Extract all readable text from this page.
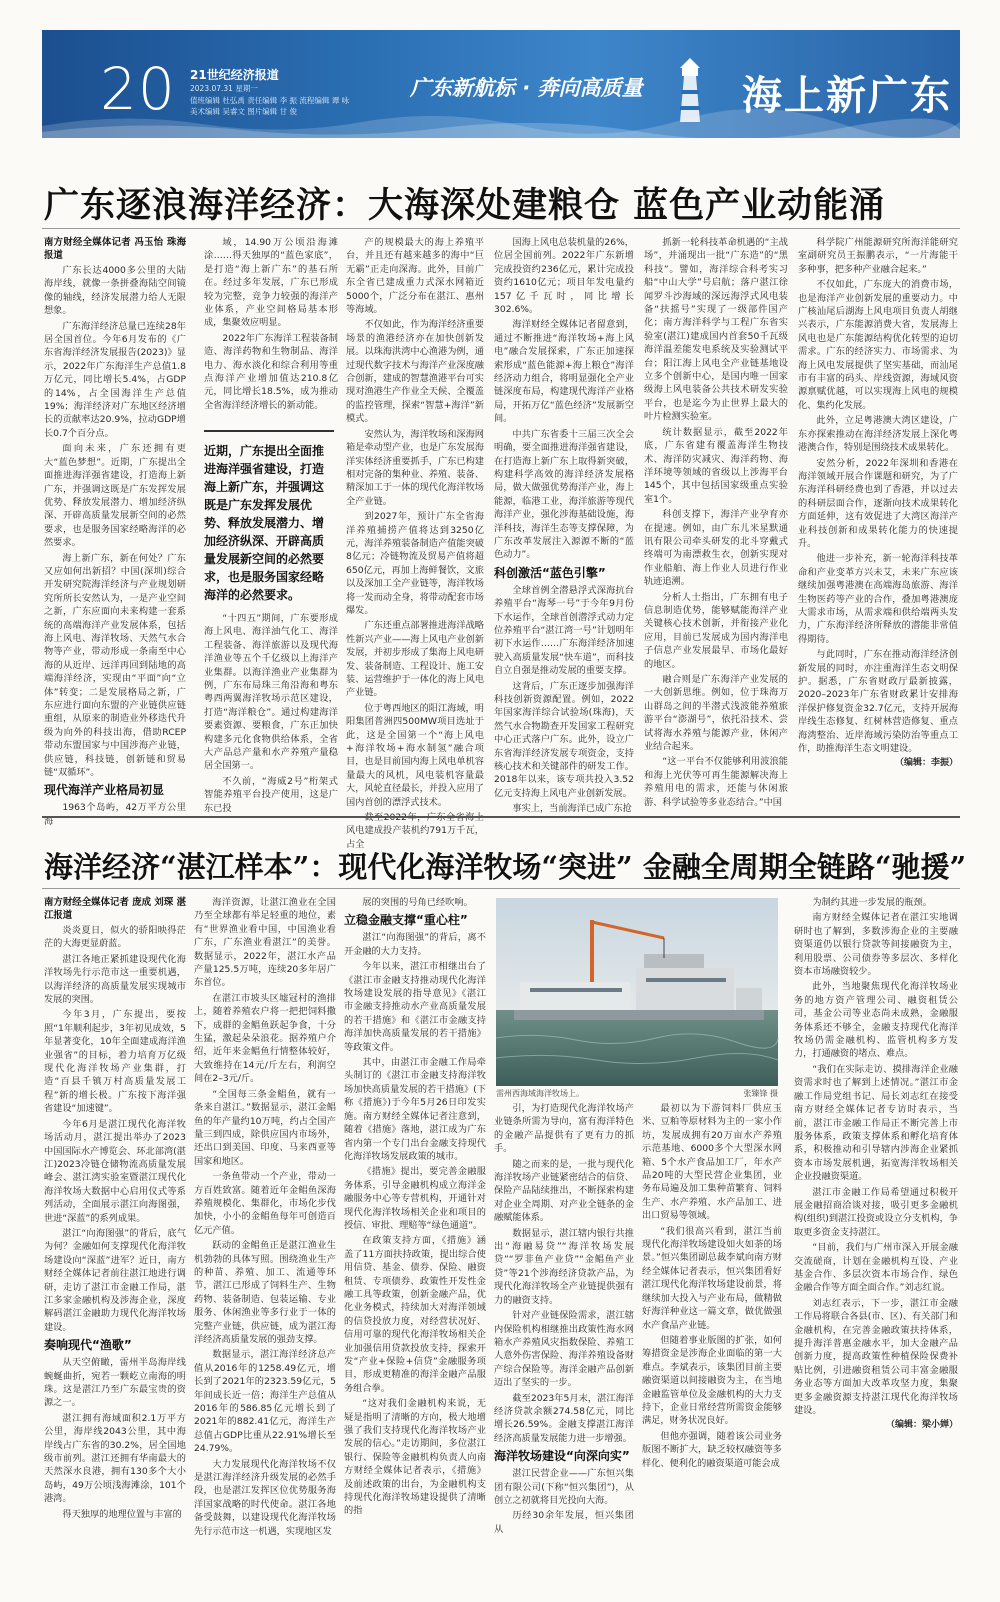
20 21世纪经济报道
2023.07.31 星期一
值班编辑 杜弘禹 责任编辑 李 振 流程编辑 谭 咏
美术编辑 吴睿文 图片编辑 甘 俊
广东新航标 · 奔向高质量 海上新广东
广东逐浪海洋经济：大海深处建粮仓 蓝色产业动能涌

南方财经全媒体记者 冯玉怡 珠海报道

广东长达4000多公里的大陆海岸线，就像一条拼叠海陆空间镜像的轴线，经济发展潜力给人无限想象。

广东海洋经济总量已连续28年居全国首位。今年6月发布的《广东省海洋经济发展报告(2023)》显示，2022年广东海洋生产总值1.8万亿元，同比增长5.4%，占GDP的14%，占全国海洋生产总值19%；海洋经济对广东地区经济增长的贡献率达20.9%，拉动GDP增长0.7个百分点。

面向未来，广东还拥有更大“蓝色梦想”。近期，广东提出全面推进海洋强省建设，打造海上新广东，并强调这既是广东发挥发展优势、释放发展潜力、增加经济纵深、开辟高质量发展新空间的必然要求，也是服务国家经略海洋的必然要求。

海上新广东，新在何处？广东又应如何出新招？中国(深圳)综合开发研究院海洋经济与产业规划研究所所长安然认为，一是产业空间之新，广东应面向未来构建一套系统的高端海洋产业发展体系，包括海上风电、海洋牧场、天然气水合物等产业，带动形成一条南至中心海的从近岸、远洋再回到陆地的高端海洋经济，实现由“平面”向“立体”转变；二是发展格局之新，广东应进行面向东盟的产业链供应链重组，从原来的制造业外移迭代升级为向外的科技出海，借助RCEP带动东盟国家与中国涉海产业链，供应链，科技链，创新链和贸易链“双循环”。

现代海洋产业格局初显

1963个岛屿，42万平方公里海

域，14.90万公顷沿海滩涂……得天独厚的“蓝色家底”，是打造“海上新广东”的基石所在。经过多年发展，广东已形成较为完整，竞争力较强的海洋产业体系，产业空间格局基本形成，集聚效应明显。

2022年广东海洋工程装备制造、海洋药物和生物制品、海洋电力、海水淡化和综合利用等重点海洋产业增加值达210.8亿元，同比增长18.5%，成为推动全省海洋经济增长的新动能。

近期，广东提出全面推进海洋强省建设，打造海上新广东，并强调这既是广东发挥发展优势、释放发展潜力、增加经济纵深、开辟高质量发展新空间的必然要求，也是服务国家经略海洋的必然要求。

“十四五”期间，广东要形成海上风电、海洋油气化工、海洋工程装备、海洋旅游以及现代海洋渔业等五个千亿级以上海洋产业集群。以海洋渔业产业集群为例，广东布局珠三角沿海和粤东粤西两翼海洋牧场示范区建设，打造“海洋粮仓”。通过构建海洋要素资源、要粮食，广东正加快构建多元化食物供给体系，全省大产品总产量和水产养殖产量稳居全国第一。

不久前，“海威2号”桁架式智能养殖平台投产使用，这是广东已投

产的规模最大的海上养殖平台，并且还有越来越多的海中“巨无霸”正走向深海。此外，目前广东全省已建成重力式深水网箱近5000个，广泛分布在湛江、惠州等海域。

不仅如此，作为海洋经济重要场景的渔港经济亦在加快创新发展。以珠海洪湾中心渔港为例，通过现代数字技术与海洋产业深度融合创新，建成的智慧渔港平台可实现对渔港生产作业全天候、全覆盖的监控管理，探索“智慧+海洋”新模式。

安然认为，海洋牧场和深海网箱是牵动型产业，也是广东发展海洋实体经济重要抓手，广东已构建相对完备的集种业、养殖、装备、精深加工于一体的现代化海洋牧场全产业链。

到2027年，预计广东全省海洋养殖捕捞产值将达到3250亿元，海洋养殖装备制造产值能突破8亿元；冷链物流及贸易产值将超650亿元，再加上海鲜餐饮，文旅以及深加工全产业链等，海洋牧场将一发而动全身，将带动配套市场爆发。

广东还重点部署推进海洋战略性新兴产业——海上风电产业创新发展，并初步形成了集海上风电研发、装备制造、工程设计、施工安装、运营维护于一体化的海上风电产业链。

位于粤西地区的阳江海域，明阳集团普洲四500MW项目选址于此，这是全国第一个“海上风电+海洋牧场+海水制氢”融合项目，也是目前国内海上风电单机容量最大的风机，风电装机容量最大，风轮直径最长，并投入应用了国内首创的漂浮式技术。

截至2022年，广东全省海上风电建成投产装机约791万千瓦，占全

国海上风电总装机量的26%，位居全国前列。2022年广东新增完成投资约236亿元，累计完成投资约1610亿元；项目年发电量约157亿千瓦时，同比增长302.6%。

海洋财经全媒体记者留意到，通过不断推进“海洋牧场+海上风电”融合发展探索，广东正加速探索形成“蓝色能源+海上粮仓”海洋经济动力组合，将明显强化全产业链深度布局，构建现代海洋产业格局，开拓万亿“蓝色经济”发展新空间。

中共广东省委十三届三次全会明确，要全面推进海洋强省建设，在打造海上新广东上取得新突破，构建科学高效的海洋经济发展格局，做大做强优势海洋产业，海上能源，临港工业，海洋旅游等现代海洋产业，强化涉海基础设施，海洋科技，海洋生态等支撑保障，为广东改革发展注入源源不断的“蓝色动力”。

科创激活“蓝色引擎”

全球首例全潜悬浮式深海抗台养殖平台“海琴一号”于今年9月份下水运作，全球首创潜浮式动力定位养殖平台“湛江湾一号”计划明年初下水运作……广东海洋经济加速驶入高质量发展“快车道”，而科技自立自强是推动发展的重要支撑。

这背后，广东正逐步加强海洋科技创新资源配置。例如，2022年国家海洋综合试验场(珠海)，天然气水合物勘查开发国家工程研究中心正式落户广东。此外，设立广东省海洋经济发展专项资金，支持核心技术和关键部件的研发工作。2018年以来，该专项共投入3.52亿元支持海上风电产业创新发展。

事实上，当前海洋已成广东抢

抓新一轮科技革命机遇的“主战场”，并涌现出一批“广东造”的“黑科技”。譬如，海洋综合科考实习船“中山大学”号启航；落户湛江徐闻罗斗沙海域的深远海浮式风电装备“扶摇号”实现了一级部件国产化；南方海洋科学与工程广东省实验室(湛江)建成国内首套50千瓦级海洋温差能发电系统及实验测试平台；阳江海上风电全产业链基地设立多个创新中心，是国内唯一国家级海上风电装备公共技术研发实验平台，也是迄今为止世界上最大的叶片检测实验室。

统计数据显示，截至2022年底，广东省建有覆盖海洋生物技术、海洋防灾减灾、海洋药物、海洋环境等领域的省级以上涉海平台145个，其中包括国家级重点实验室1个。

科创支撑下，海洋产业孕育亦在提速。例如，由广东儿米星默通讯有限公司牵头研发的北斗穿戴式终端可为南漂救生衣，创新实现对作业船舶、海上作业人员进行作业轨迹追溯。

分析人士指出，广东拥有电子信息制造优势，能够赋能海洋产业关键核心技术创新，并衔接产业化应用，目前已发展成为国内海洋电子信息产业发展最早、市场化最好的地区。

融合则是广东海洋产业发展的一大创新思维。例如，位于珠海万山群岛之间的半潜式浅波能养殖旅游平台“澎湖号”，依托沿技术、尝试将海水养殖与能源产业，休闲产业结合起来。

“这一平台不仅能够利用波浪能和海上光伏等可再生能源解决海上养殖用电的需求，还能与休闲旅游、科学试验等多业态结合。”中国

科学院广州能源研究所海洋能研究室副研究员王振鹏表示，“一片海能干多种事，把多种产业融合起来。”

不仅如此，广东庞大的消费市场，也是海洋产业创新发展的重要动力。中广核汕尾后湖海上风电项目负责人胡继兴表示，广东能源消费大省，发展海上风电也是广东能源结构优化转型的迫切需求。广东的经济实力、市场需求、为海上风电发展提供了坚实基础，而汕尾市有丰富的码头、岸线资源，海域风资源禀赋优越，可以实现海上风电的规模化、集约化发展。

此外，立足粤港澳大湾区建设，广东亦探索推动在海洋经济发展上深化粤港澳合作，特别是围绕技术成果转化。

安然分析，2022年深圳和香港在海洋领域开展合作课题和研究，为了广东海洋科研经费也到了香港，并以过去的科研层面合作，逐渐向技术成果转化方面延伸，这有效促进了大湾区海洋产业科技创新和成果转化能力的快速提升。

他进一步补充，新一轮海洋科技革命和产业变革方兴未艾，未来广东应该继续加强粤港澳在高端海岛旅游、海洋生物医药等产业的合作，叠加粤港澳庞大需求市场，从需求端和供给端两头发力，广东海洋经济所释放的潜能非常值得期待。

与此同时，广东在推动海洋经济创新发展的同时，亦注重海洋生态文明保护。据悉，广东省财政厅最新披露，2020–2023年广东省财政累计安排海洋保护修复资金32.7亿元，支持开展海岸线生态修复、红树林营造修复、重点海湾整治、近岸海域污染防治等重点工作，助推海洋生态文明建设。

（编辑：李振）

海洋经济“湛江样本”：现代化海洋牧场“突进” 金融全周期全链路“驰援”

南方财经全媒体记者 庞成 刘琛 湛江报道

炎炎夏日，似火的骄阳映得茫茫的大海更显蔚蓝。

湛江各地正紧抓建设现代化海洋牧场先行示范市这一重要机遇，以海洋经济的高质量发展实现城市发展的突围。

今年3月，广东提出，要按照“1年顺利起步，3年初见成效，5年显著变化，10年全面建成海洋渔业强省”的目标，着力培育万亿级现代化海洋牧场产业集群，打造“百县千镇万村高质量发展工程”新的增长极。广东按下海洋强省建设“加速键”。

今年6月是湛江现代化海洋牧场活动月，湛江提出举办了2023中国国际水产博览会、环北部湾(湛江)2023冷链仓储物流高质量发展峰会、湛江湾实验室暨湛江现代化海洋牧场大数据中心启用仪式等系列活动，全面展示湛江向海图强，世进“深蓝”的系列成果。

湛江“向海图强”的背后，底气为何？金融如何支撑现代化海洋牧场建设向“深蓝”进军？近日，南方财经全媒体记者前往湛江地进行调研，走访了湛江市金融工作局，湛江多家金融机构及涉海企业，深度解码湛江金融助力现代化海洋牧场建设。

奏响现代“渔歌”

从天空俯瞰，雷州半岛海岸线蜿蜒曲折，宛若一颗屹立南海的明珠。这是湛江乃至广东最宝贵的资源之一。

湛江拥有海域面积2.1万平方公里，海岸线2043公里，其中海岸线占广东省的30.2%，居全国地级市前列。湛江还拥有华南最大的天然深水良港，拥有130多个大小岛屿，49万公顷浅海滩涂，101个港湾。

得天独厚的地理位置与丰富的

海洋资源，让湛江渔业在全国乃至全球都有举足轻重的地位，素有“世界渔业看中国，中国渔业看广东，广东渔业看湛江”的美誉。数据显示，2022年，湛江水产品产量125.5万吨，连续20多年居广东首位。

在湛江市坡头区墟冠村的渔排上，随着养殖农户将一把把饲料撒下，成群的金鲳鱼跃起争食，十分生猛，激起朵朵浪花。据养殖户介绍，近年来金鲳鱼行情整体较好，大致维持在14元/斤左右，利润空间在2–3元/斤。

“全国每三条金鲳鱼，就有一条来自湛江。”数据显示，湛江金鲳鱼的年产量约10万吨，约占全国产量三到四成，除供应国内市场外，还出口到美国、印度、马来西亚等国家和地区。

一条鱼带动一个产业，带动一方百姓致富。随着近年金鲳鱼深海养殖规模化、集群化，市场化步伐加快，小小的金鲳鱼每年可创造百亿元产值。

跃动的金鲳鱼正是湛江渔业生机勃勃的具体写照。围绕渔业生产的种苗、养殖、加工、流通等环节，湛江已形成了饲料生产、生物药物、装备制造、包装运输、专业服务、休闲渔业等多行业于一体的完整产业链，供应链，成为湛江海洋经济高质量发展的强劲支撑。

数据显示，湛江海洋经济总产值从2016年的1258.49亿元，增长到了2021年的2323.59亿元，5年间成长近一倍；海洋生产总值从2016年的586.85亿元增长到了2021年的882.41亿元，海洋生产总值占GDP比重从22.91%增长至24.79%。

大力发展现代化海洋牧场不仅是湛江海洋经济升级发展的必然手段，也是湛江发挥区位优势服务海洋国家战略的时代使命。湛江各地备受鼓舞，以建设现代化海洋牧场先行示范市这一机遇，实现地区发

展的突围的号角已经吹响。

立稳金融支撑“重心柱”

湛江“向海图强”的背后，离不开金融的大力支持。

今年以来，湛江市相继出台了《湛江市金融支持推动现代化海洋牧场建设发展的指导意见》《湛江市金融支持推动水产业高质量发展的若干措施》和《湛江市金融支持海洋加快高质量发展的若干措施》等政策文件。

其中，由湛江市金融工作局牵头制订的《湛江市金融支持海洋牧场加快高质量发展的若干措施》(下称《措施》)于今年5月26日印发实施。南方财经全媒体记者注意到，随着《措施》落地，湛江成为广东省内第一个专门出台金融支持现代化海洋牧场发展政策的城市。

《措施》提出，要完善金融服务体系，引导金融机构成立海洋金融服务中心等专营机构，开通针对现代化海洋牧场相关企业和项目的授信、审批、理赔等“绿色通道”。

在政策支持方面，《措施》涵盖了11方面扶持政策，提出综合使用信贷、基金、债券、保险、融资租赁、专项债券、政策性开发性金融工具等政策，创新金融产品，优化业务模式，持续加大对海洋领域的信贷投放力度，对经营状况好、信用可靠的现代化海洋牧场相关企业加强信用贷款投放支持，探索开发“产业+保险+信贷”金融服务项目，形成更精准的海洋金融产品服务组合拳。

“这对我们金融机构来说，无疑是指明了清晰的方向，极大地增强了我们支持现代化海洋牧场产业发展的信心。”走访期间，多位湛江银行、保险等金融机构负责人向南方财经全媒体记者表示，《措施》及前述政策的出台，为金融机构支持现代化海洋牧场建设提供了清晰的指

雷州西海域海洋牧场上。	张臻锋 摄

引，为打造现代化海洋牧场产业链条所需为导向，富有海洋特色的金融产品提供有了更有力的抓手。

随之而来的是，一批与现代化海洋牧场产业链紧密结合的信贷、保险产品陆续推出，不断探索构建对企业全周期、对产业全链条的金融赋能体系。

数据显示，湛江辖内银行共推出“海融易贷”“海洋牧场发展贷”“罗非鱼产业贷”“金鲳鱼产业贷”等21个涉海经济贷款产品，为现代化海洋牧场全产业链提供强有力的融资支持。

针对产业链保险需求，湛江辖内保险机构相继推出政策性海水网箱水产养殖风灾指数保险、养殖工人意外伤害保险、海洋养殖设备财产综合保险等。海洋金融产品创新迈出了坚实的一步。

截至2023年5月末，湛江海洋经济贷款余额274.58亿元，同比增长26.59%。金融支撑湛江海洋经济高质量发展能力进一步增强。

海洋牧场建设“向深向实”

湛江民营企业——广东恒兴集团有限公司(下称“恒兴集团”)，从创立之初就将目光投向大海。

历经30余年发展，恒兴集团从

最初以为下游饲料厂供应玉米、豆粕等原材料为主的一家小作坊，发展成拥有20万亩水产养殖示范基地、6000多个大型深水网箱、5个水产食品加工厂，年水产品20吨的大型民营企业集团，业务布局遍及加工集种苗繁育、饲料生产、水产养殖、水产品加工、进出口贸易等领域。

“我们很高兴看到，湛江当前现代化海洋牧场建设如火如荼的场景。”恒兴集团副总裁李斌向南方财经全媒体记者表示，恒兴集团看好湛江现代化海洋牧场建设前景，将继续加大投入与产业布局，做精做好海洋种业这一篇文章，做优做强水产食品产业链。

但随着事业版图的扩张，如何筹措资金是涉海企业面临的第一大难点。李斌表示，该集团目前主要融资渠道以间接融资为主，在当地金融监管单位及金融机构的大力支持下，企业日常经营所需资金能够满足，财务状况良好。

但他亦强调，随着该公司业务版图不断扩大，缺乏较权融资等多样化、便利化的融资渠道可能会成

为制约其进一步发展的瓶颈。

南方财经全媒体记者在湛江实地调研时也了解到，多数涉海企业的主要融资渠道仍以银行贷款等间接融资为主，利用股票、公司债券等多层次、多样化资本市场融资较少。

此外，当地聚焦现代化海洋牧场业务的地方资产管理公司、融资租赁公司，基金公司等业态尚未成熟，金融服务体系还不够全，金融支持现代化海洋牧场仍需金融机构、监管机构多方发力，打通融资的堵点、难点。

“我们在实际走访、摸排海洋企业融资需求时也了解到上述情况。”湛江市金融工作局党组书记、局长刘志红在接受南方财经全媒体记者专访时表示，当前，湛江市金融工作局正不断完善上市服务体系，政策支撑体系和孵化培育体系，积极推动和引导辖内涉海企业紧抓资本市场发展机遇，拓宽海洋牧场相关企业投融资渠道。

湛江市金融工作局希望通过积极开展金融招商洽谈对接，吸引更多金融机构(组织)到湛江投资或设立分支机构，争取更多资金支持湛江。

“目前，我们与广州市深入开展金融交流磋商，计划在金融机构互设、产业基金合作、多层次资本市场合作、绿色金融合作等方面全面合作。”刘志红说。

刘志红表示，下一步，湛江市金融工作局将联合各县(市、区)、有关部门和金融机构，在完善金融政策扶持体系，提升海洋普惠金融水平，加大金融产品创新力度，提高政策性种植保险保费补贴比例，引进融资租赁公司丰富金融服务业态等方面加大改革攻坚力度，集聚更多金融资源支持湛江现代化海洋牧场建设。

（编辑：梁小婵）
